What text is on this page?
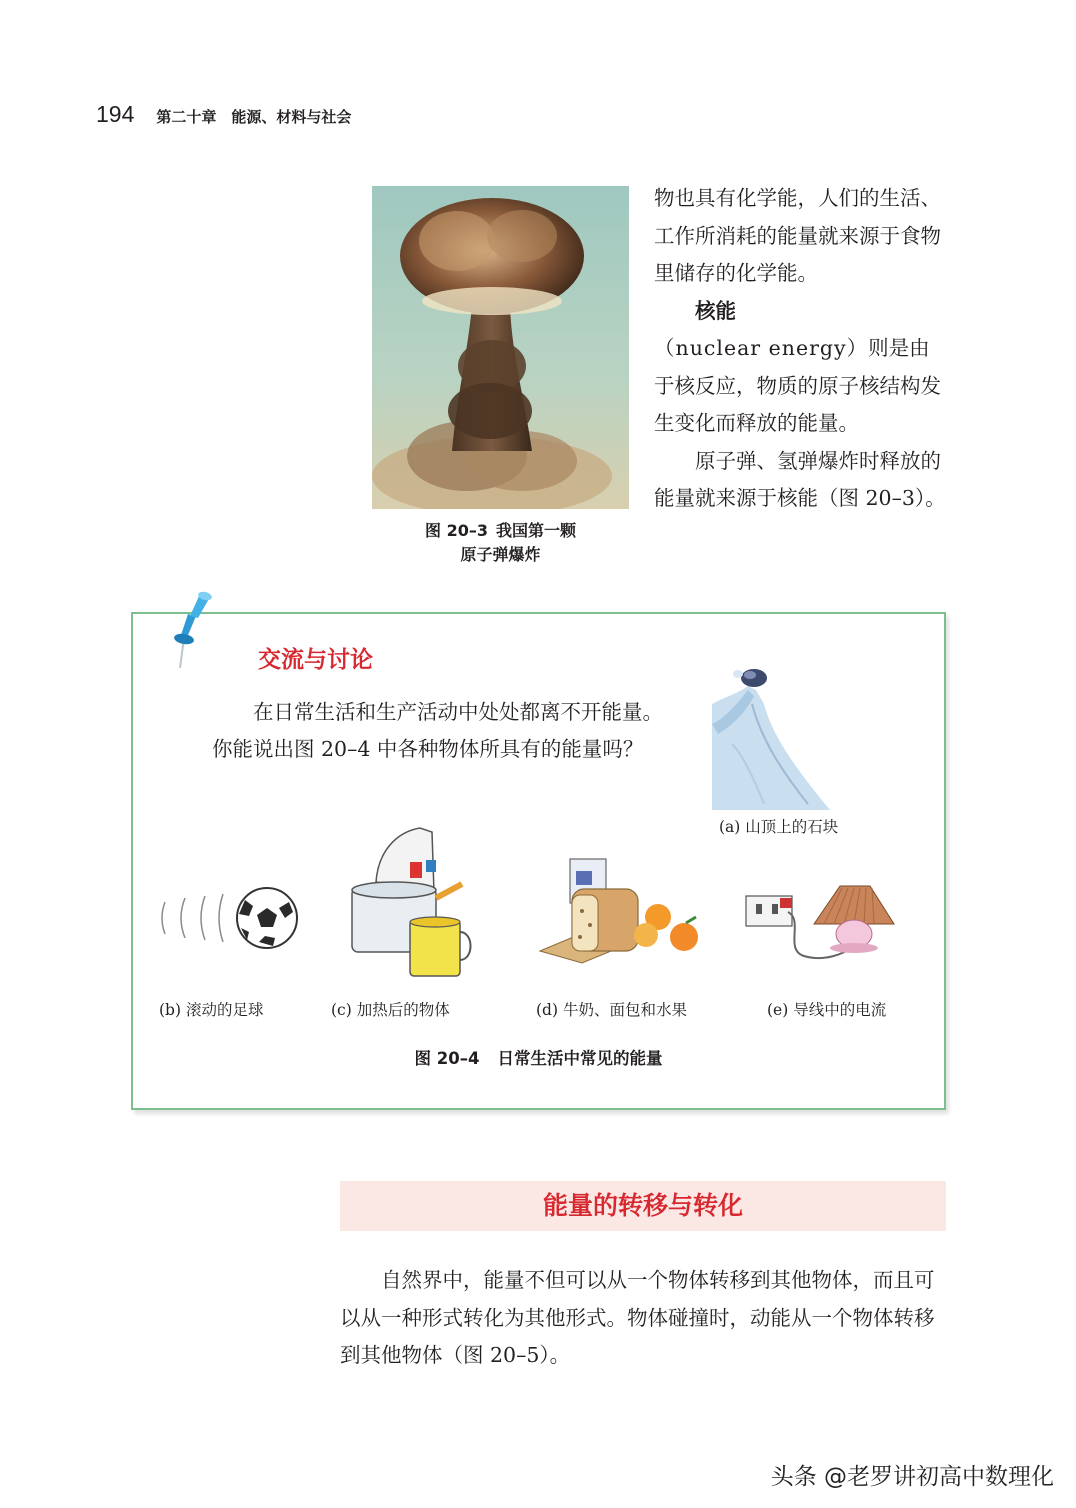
194 第二十章　能源、材料与社会
图 20–3 我国第一颗
原子弹爆炸

物也具有化学能，人们的生活、工作所消耗的能量就来源于食物里储存的化学能。

核能（nuclear energy）则是由于核反应，物质的原子核结构发生变化而释放的能量。

原子弹、氢弹爆炸时释放的能量就来源于核能（图 20–3）。

交流与讨论
在日常生活和生产活动中处处都离不开能量。你能说出图 20–4 中各种物体所具有的能量吗？
(a) 山顶上的石块
(b) 滚动的足球	(c) 加热后的物体	(d) 牛奶、面包和水果	(e) 导线中的电流
图 20–4 日常生活中常见的能量
能量的转移与转化
自然界中，能量不但可以从一个物体转移到其他物体，而且可以从一种形式转化为其他形式。物体碰撞时，动能从一个物体转移到其他物体（图 20–5）。
头条 @老罗讲初高中数理化
